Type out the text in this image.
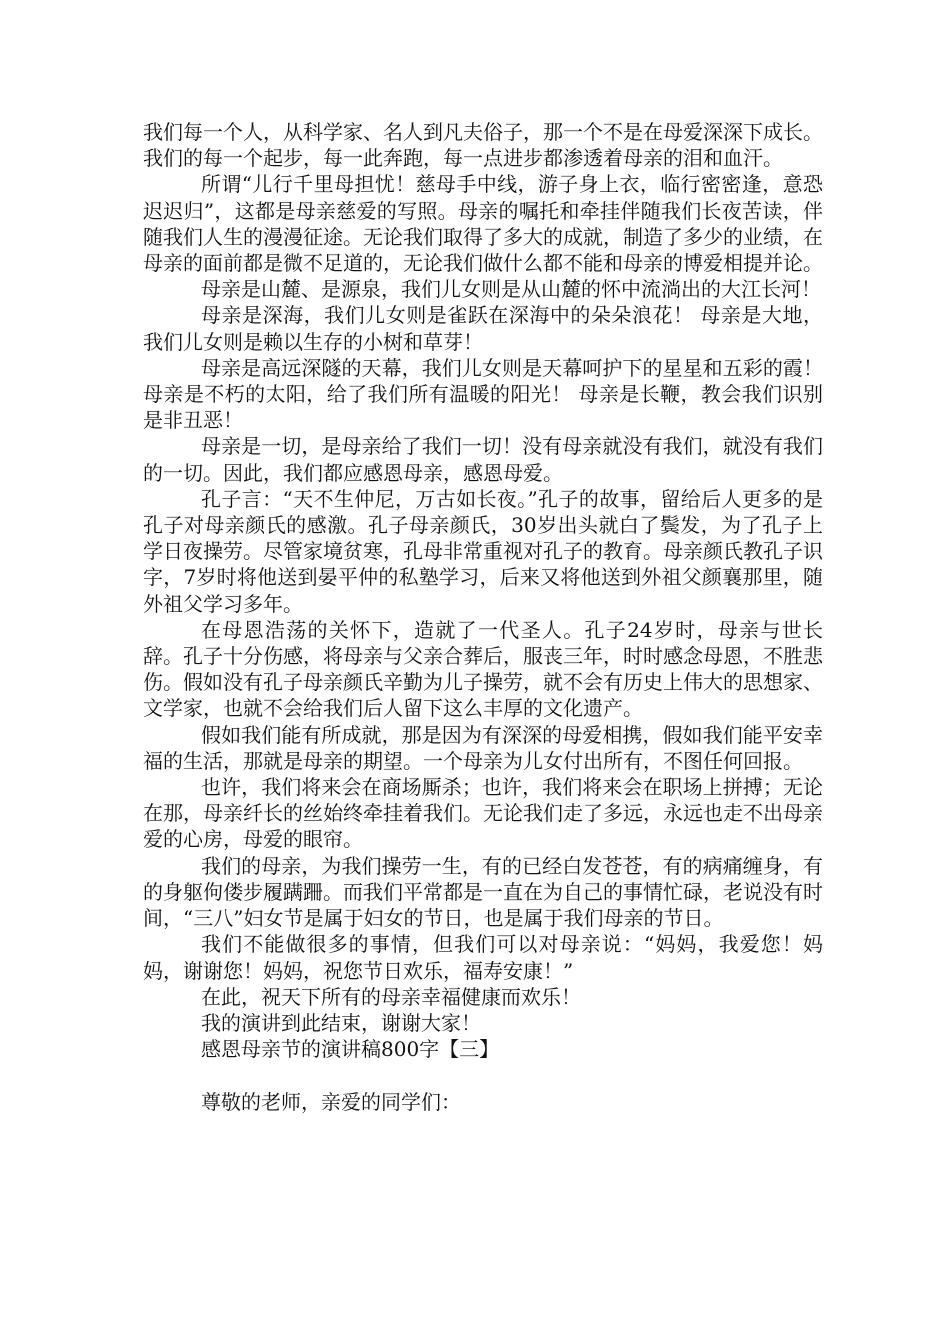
我们每一个人，从科学家、名人到凡夫俗子，那一个不是在母爱深深下成长。我们的每一个起步，每一此奔跑，每一点进步都渗透着母亲的泪和血汗。

所谓“儿行千里母担忧！慈母手中线，游子身上衣，临行密密逢，意恐迟迟归”，这都是母亲慈爱的写照。母亲的嘱托和牵挂伴随我们长夜苦读，伴随我们人生的漫漫征途。无论我们取得了多大的成就，制造了多少的业绩，在母亲的面前都是微不足道的，无论我们做什么都不能和母亲的博爱相提并论。

母亲是山麓、是源泉，我们儿女则是从山麓的怀中流淌出的大江长河！

母亲是深海，我们儿女则是雀跃在深海中的朵朵浪花！ 母亲是大地，我们儿女则是赖以生存的小树和草芽！

母亲是高远深隧的天幕，我们儿女则是天幕呵护下的星星和五彩的霞！ 母亲是不朽的太阳，给了我们所有温暖的阳光！ 母亲是长鞭，教会我们识别是非丑恶！

母亲是一切，是母亲给了我们一切！没有母亲就没有我们，就没有我们的一切。因此，我们都应感恩母亲，感恩母爱。

孔子言：“天不生仲尼，万古如长夜。”孔子的故事，留给后人更多的是孔子对母亲颜氏的感激。孔子母亲颜氏，30岁出头就白了鬓发，为了孔子上学日夜操劳。尽管家境贫寒，孔母非常重视对孔子的教育。母亲颜氏教孔子识字，7岁时将他送到晏平仲的私塾学习，后来又将他送到外祖父颜襄那里，随外祖父学习多年。

在母恩浩荡的关怀下，造就了一代圣人。孔子24岁时，母亲与世长辞。孔子十分伤感，将母亲与父亲合葬后，服丧三年，时时感念母恩，不胜悲伤。假如没有孔子母亲颜氏辛勤为儿子操劳，就不会有历史上伟大的思想家、文学家，也就不会给我们后人留下这么丰厚的文化遗产。

假如我们能有所成就，那是因为有深深的母爱相携，假如我们能平安幸福的生活，那就是母亲的期望。一个母亲为儿女付出所有，不图任何回报。

也许，我们将来会在商场厮杀；也许，我们将来会在职场上拼搏；无论在那，母亲纤长的丝始终牵挂着我们。无论我们走了多远，永远也走不出母亲爱的心房，母爱的眼帘。

我们的母亲，为我们操劳一生，有的已经白发苍苍，有的病痛缠身，有的身躯佝偻步履蹒跚。而我们平常都是一直在为自己的事情忙碌，老说没有时间，“三八”妇女节是属于妇女的节日，也是属于我们母亲的节日。

我们不能做很多的事情，但我们可以对母亲说：“妈妈，我爱您！妈妈，谢谢您！妈妈，祝您节日欢乐，福寿安康！”

在此，祝天下所有的母亲幸福健康而欢乐！

我的演讲到此结束，谢谢大家！

感恩母亲节的演讲稿800字【三】

尊敬的老师，亲爱的同学们：
